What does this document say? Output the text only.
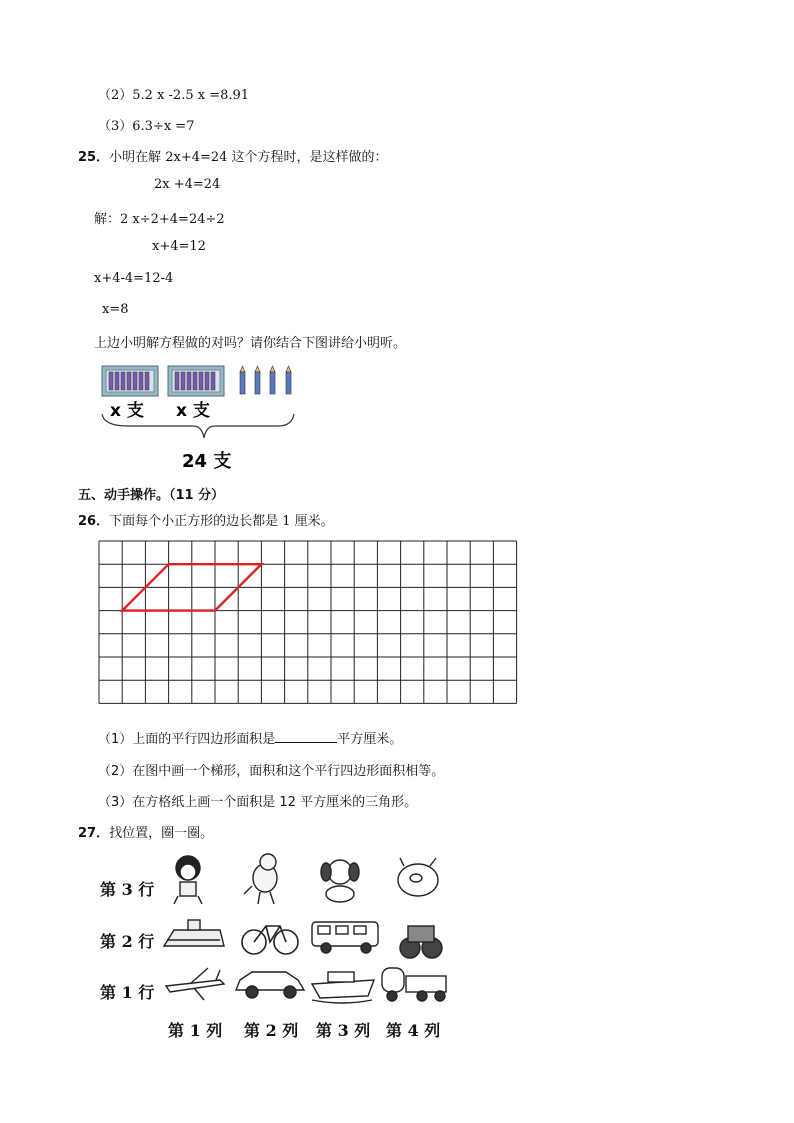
（2）5.2 x -2.5 x =8.91
（3）6.3÷x =7
25．小明在解 2x+4=24 这个方程时，是这样做的：
2x +4=24
解：2 x÷2+4=24÷2
x+4=12
x+4-4=12-4
x=8
上边小明解方程做的对吗？请你结合下图讲给小明听。
x 支 x 支
24 支
五、动手操作。（11 分）
26．下面每个小正方形的边长都是 1 厘米。
（1）上面的平行四边形面积是	平方厘米。
（2）在图中画一个梯形，面积和这个平行四边形面积相等。
（3）在方格纸上画一个面积是 12 平方厘米的三角形。
27．找位置，圈一圈。
第 3 行
第 2 行
第 1 行
第 1 列 第 2 列 第 3 列 第 4 列
